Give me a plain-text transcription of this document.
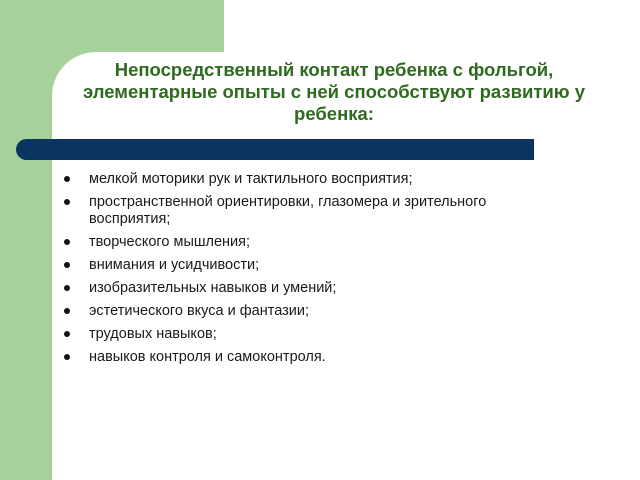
Непосредственный контакт ребенка с фольгой, элементарные опыты с ней способствуют развитию у ребенка:
мелкой моторики рук и тактильного восприятия;
пространственной ориентировки, глазомера и зрительного восприятия;
творческого мышления;
внимания и усидчивости;
изобразительных навыков и умений;
эстетического вкуса и фантазии;
трудовых навыков;
навыков контроля и самоконтроля.
